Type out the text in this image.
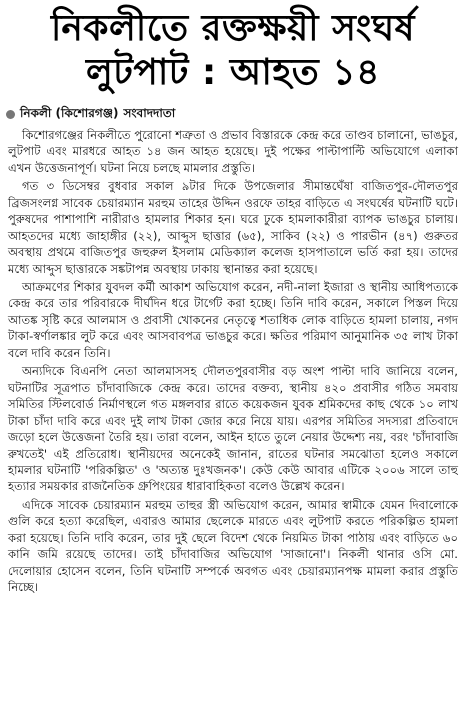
নিকলীতে রক্তক্ষয়ী সংঘর্ষ
লুটপাট : আহত ১৪
নিকলী (কিশোরগঞ্জ) সংবাদদাতা

কিশোরগঞ্জের নিকলীতে পুরোনো শত্রুতা ও প্রভাব বিস্তারকে কেন্দ্র করে তাণ্ডব চালানো, ভাঙচুর, লুটপাট এবং মারধরে আহত ১৪ জন আহত হয়েছে। দুই পক্ষের পাল্টাপাল্টি অভিযোগে এলাকা এখন উত্তেজনাপূর্ণ। ঘটনা নিয়ে চলছে মামলার প্রস্তুতি।

গত ৩ ডিসেম্বর বুধবার সকাল ৯টার দিকে উপজেলার সীমান্তঘেঁষা বাজিতপুর-দৌলতপুর ব্রিজসংলগ্ন সাবেক চেয়ারম্যান মরহুম তাহের উদ্দিন ওরফে তাহর বাড়িতে এ সংঘর্ষের ঘটনাটি ঘটে। পুরুষদের পাশাপাশি নারীরাও হামলার শিকার হন। ঘরে ঢুকে হামলাকারীরা ব্যাপক ভাঙচুর চালায়। আহতদের মধ্যে জাহাঙ্গীর (২২), আব্দুস ছাত্তার (৬৫), সাকিব (২২) ও পারভীন (৪৭) গুরুতর অবস্থায় প্রথমে বাজিতপুর জহুরুল ইসলাম মেডিক্যাল কলেজ হাসপাতালে ভর্তি করা হয়। তাদের মধ্যে আব্দুস ছাত্তারকে সঙ্কটাপন্ন অবস্থায় ঢাকায় স্থানান্তর করা হয়েছে।

আক্রমণের শিকার যুবদল কর্মী আকাশ অভিযোগ করেন, নদী-নালা ইজারা ও স্থানীয় আধিপত্যকে কেন্দ্র করে তার পরিবারকে দীর্ঘদিন ধরে টার্গেট করা হচ্ছে। তিনি দাবি করেন, সকালে পিস্তল দিয়ে আতঙ্ক সৃষ্টি করে আলমাস ও প্রবাসী খোকনের নেতৃত্বে শতাধিক লোক বাড়িতে হামলা চালায়, নগদ টাকা-স্বর্ণালঙ্কার লুট করে এবং আসবাবপত্র ভাঙচুর করে। ক্ষতির পরিমাণ আনুমানিক ৩৫ লাখ টাকা বলে দাবি করেন তিনি।

অন্যদিকে বিএনপি নেতা আলমাসসহ দৌলতপুরবাসীর বড় অংশ পাল্টা দাবি জানিয়ে বলেন, ঘটনাটির সূত্রপাত চাঁদাবাজিকে কেন্দ্র করে। তাদের বক্তব্য, স্থানীয় ৪২০ প্রবাসীর গঠিত সমবায় সমিতির স্টিলবোর্ড নির্মাণস্থলে গত মঙ্গলবার রাতে কয়েকজন যুবক শ্রমিকদের কাছ থেকে ১০ লাখ টাকা চাঁদা দাবি করে এবং দুই লাখ টাকা জোর করে নিয়ে যায়। এরপর সমিতির সদস্যরা প্রতিবাদে জড়ো হলে উত্তেজনা তৈরি হয়। তারা বলেন, আইন হাতে তুলে নেয়ার উদ্দেশ্য নয়, বরং 'চাঁদাবাজি রুখতেই' এই প্রতিরোধ। স্থানীয়দের অনেকেই জানান, রাতের ঘটনার সমঝোতা হলেও সকালে হামলার ঘটনাটি 'পরিকল্পিত' ও 'অত্যন্ত দুঃখজনক'। কেউ কেউ আবার এটিকে ২০০৬ সালে তাহু হত্যার সময়কার রাজনৈতিক গ্রুপিংয়ের ধারাবাহিকতা বলেও উল্লেখ করেন।

এদিকে সাবেক চেয়ারম্যান মরহুম তাহুর স্ত্রী অভিযোগ করেন, আমার স্বামীকে যেমন দিবালোকে গুলি করে হত্যা করেছিল, এবারও আমার ছেলেকে মারতে এবং লুটপাট করতে পরিকল্পিত হামলা করা হয়েছে। তিনি দাবি করেন, তার দুই ছেলে বিদেশ থেকে নিয়মিত টাকা পাঠায় এবং বাড়িতে ৬০ কানি জমি রয়েছে তাদের। তাই চাঁদাবাজির অভিযোগ 'সাজানো'। নিকলী থানার ওসি মো. দেলোয়ার হোসেন বলেন, তিনি ঘটনাটি সম্পর্কে অবগত এবং চেয়ারম্যানপক্ষ মামলা করার প্রস্তুতি নিচ্ছে।
